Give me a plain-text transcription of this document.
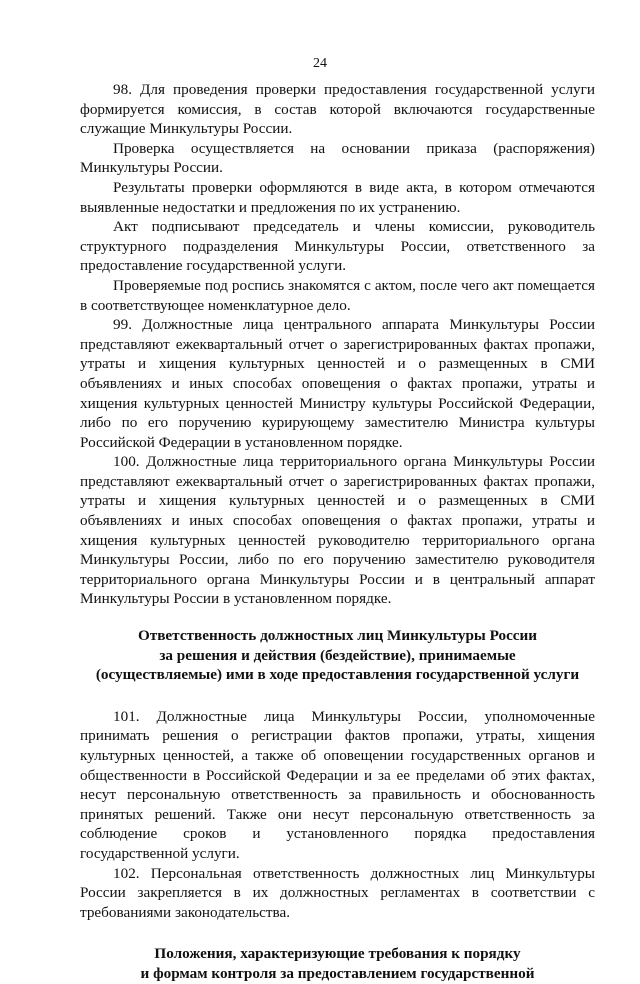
24

98. Для проведения проверки предоставления государственной услуги формируется комиссия, в состав которой включаются государственные служащие Минкультуры России.

Проверка осуществляется на основании приказа (распоряжения) Минкультуры России.

Результаты проверки оформляются в виде акта, в котором отмечаются выявленные недостатки и предложения по их устранению.

Акт подписывают председатель и члены комиссии, руководитель структурного подразделения Минкультуры России, ответственного за предоставление государственной услуги.

Проверяемые под роспись знакомятся с актом, после чего акт помещается в соответствующее номенклатурное дело.

99. Должностные лица центрального аппарата Минкультуры России представляют ежеквартальный отчет о зарегистрированных фактах пропажи, утраты и хищения культурных ценностей и о размещенных в СМИ объявлениях и иных способах оповещения о фактах пропажи, утраты и хищения культурных ценностей Министру культуры Российской Федерации, либо по его поручению курирующему заместителю Министра культуры Российской Федерации в установленном порядке.

100. Должностные лица территориального органа Минкультуры России представляют ежеквартальный отчет о зарегистрированных фактах пропажи, утраты и хищения культурных ценностей и о размещенных в СМИ объявлениях и иных способах оповещения о фактах пропажи, утраты и хищения культурных ценностей руководителю территориального органа Минкультуры России, либо по его поручению заместителю руководителя территориального органа Минкультуры России и в центральный аппарат Минкультуры России в установленном порядке.

Ответственность должностных лиц Минкультуры России
за решения и действия (бездействие), принимаемые
(осуществляемые) ими в ходе предоставления государственной услуги

101. Должностные лица Минкультуры России, уполномоченные принимать решения о регистрации фактов пропажи, утраты, хищения культурных ценностей, а также об оповещении государственных органов и общественности в Российской Федерации и за ее пределами об этих фактах, несут персональную ответственность за правильность и обоснованность принятых решений. Также они несут персональную ответственность за соблюдение сроков и установленного порядка предоставления государственной услуги.

102. Персональная ответственность должностных лиц Минкультуры России закрепляется в их должностных регламентах в соответствии с требованиями законодательства.

Положения, характеризующие требования к порядку
и формам контроля за предоставлением государственной
